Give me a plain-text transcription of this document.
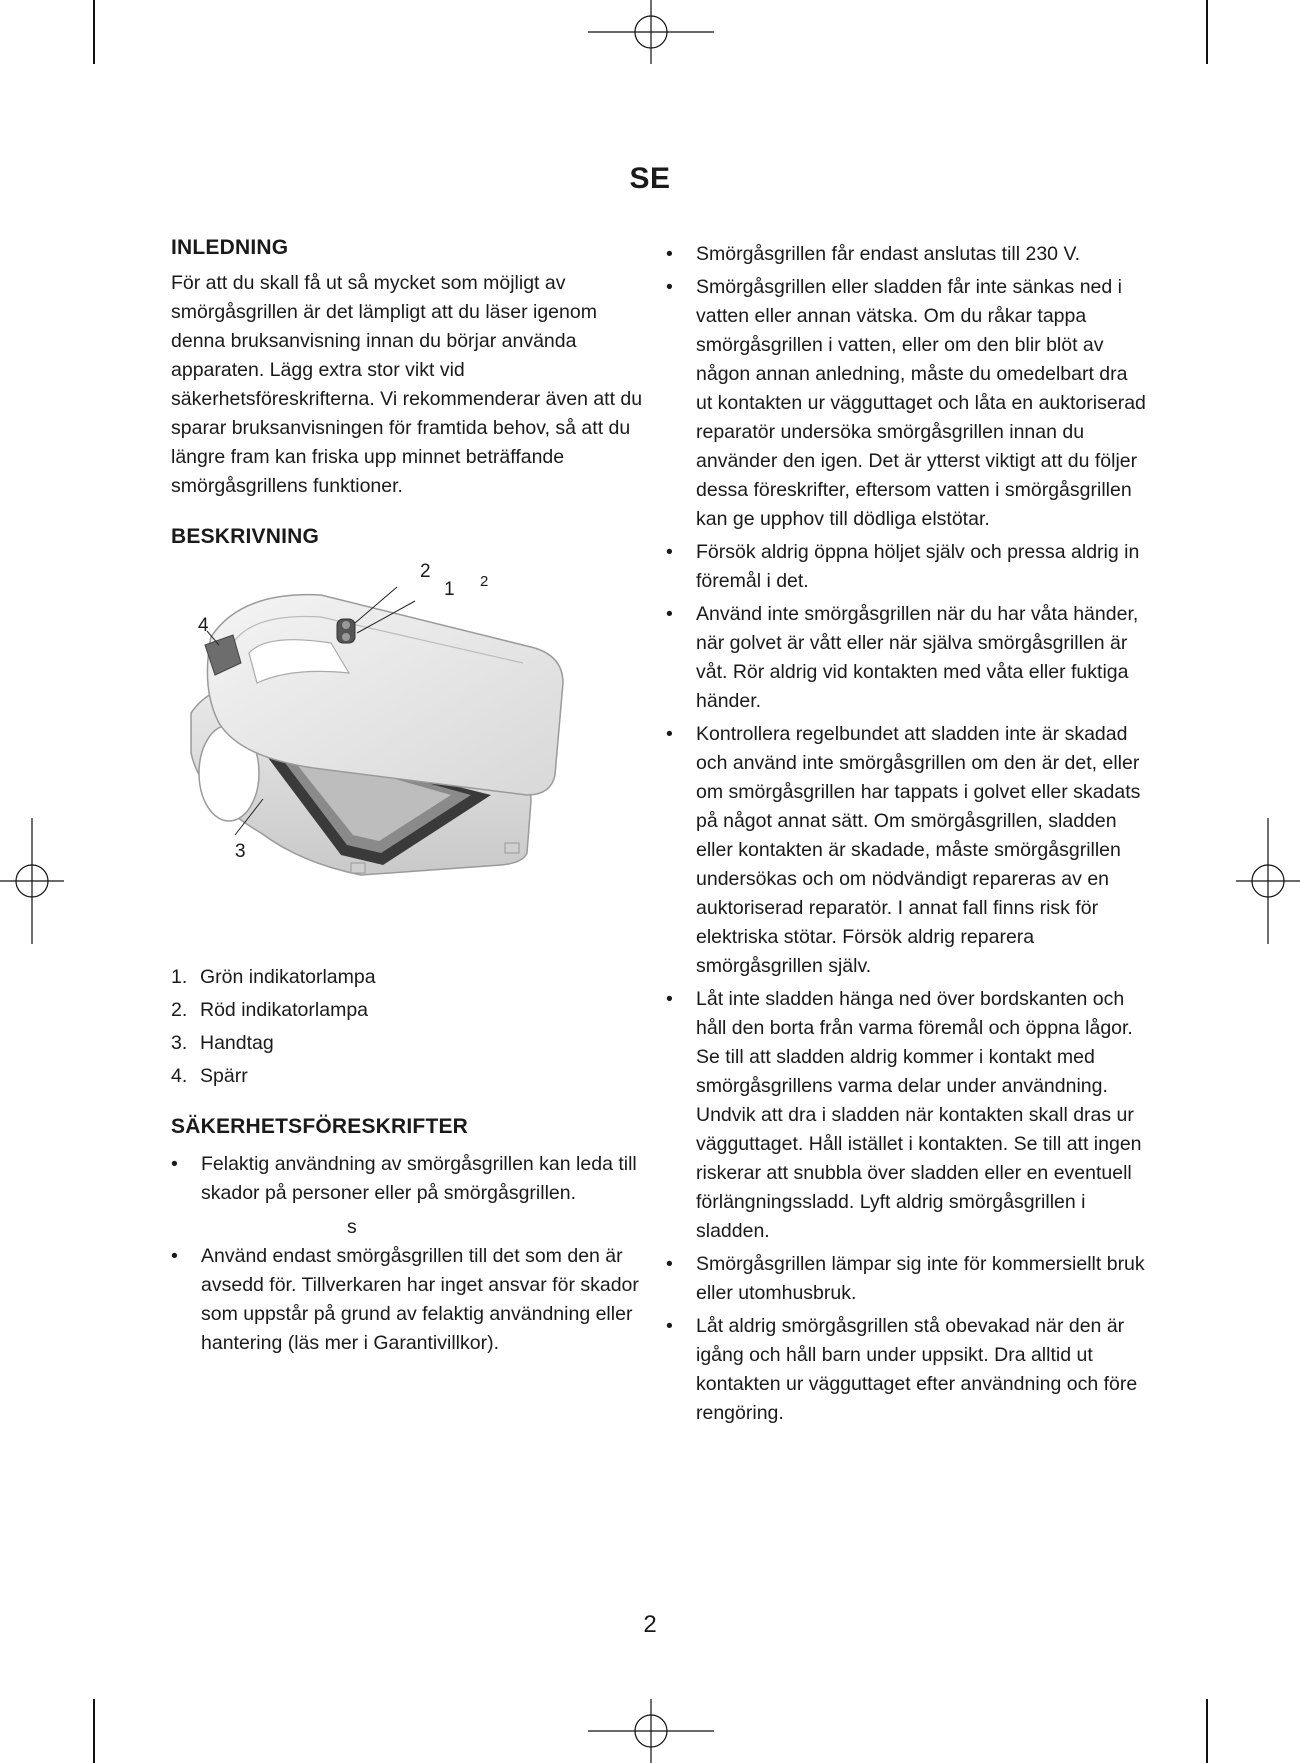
SE
INLEDNING

För att du skall få ut så mycket som möjligt av smörgåsgrillen är det lämpligt att du läser igenom denna bruksanvisning innan du börjar använda apparaten. Lägg extra stor vikt vid säkerhetsföreskrifterna. Vi rekommenderar även att du sparar bruksanvisningen för framtida behov, så att du längre fram kan friska upp minnet beträffande smörgåsgrillens funktioner.

BESKRIVNING
2
1 2
4
3
1. Grön indikatorlampa
2. Röd indikatorlampa
3. Handtag
4. Spärr
SÄKERHETSFÖRESKRIFTER
•	Felaktig användning av smörgåsgrillen kan leda till skador på personer eller på smörgåsgrillen.
s
•	Använd endast smörgåsgrillen till det som den är avsedd för. Tillverkaren har inget ansvar för skador som uppstår på grund av felaktig användning eller hantering (läs mer i Garantivillkor).
•	Smörgåsgrillen får endast anslutas till 230 V.
•	Smörgåsgrillen eller sladden får inte sänkas ned i vatten eller annan vätska. Om du råkar tappa smörgåsgrillen i vatten, eller om den blir blöt av någon annan anledning, måste du omedelbart dra ut kontakten ur vägguttaget och låta en auktoriserad reparatör undersöka smörgåsgrillen innan du använder den igen. Det är ytterst viktigt att du följer dessa föreskrifter, eftersom vatten i smörgåsgrillen kan ge upphov till dödliga elstötar.
•	Försök aldrig öppna höljet själv och pressa aldrig in föremål i det.
•	Använd inte smörgåsgrillen när du har våta händer, när golvet är vått eller när själva smörgåsgrillen är våt. Rör aldrig vid kontakten med våta eller fuktiga händer.
•	Kontrollera regelbundet att sladden inte är skadad och använd inte smörgåsgrillen om den är det, eller om smörgåsgrillen har tappats i golvet eller skadats på något annat sätt. Om smörgåsgrillen, sladden eller kontakten är skadade, måste smörgåsgrillen undersökas och om nödvändigt repareras av en auktoriserad reparatör. I annat fall finns risk för elektriska stötar. Försök aldrig reparera smörgåsgrillen själv.
•	Låt inte sladden hänga ned över bordskanten och håll den borta från varma föremål och öppna lågor. Se till att sladden aldrig kommer i kontakt med smörgåsgrillens varma delar under användning. Undvik att dra i sladden när kontakten skall dras ur vägguttaget. Håll istället i kontakten. Se till att ingen riskerar att snubbla över sladden eller en eventuell förlängningssladd. Lyft aldrig smörgåsgrillen i sladden.
•	Smörgåsgrillen lämpar sig inte för kommersiellt bruk eller utomhusbruk.
•	Låt aldrig smörgåsgrillen stå obevakad när den är igång och håll barn under uppsikt. Dra alltid ut kontakten ur vägguttaget efter användning och före rengöring.
2
